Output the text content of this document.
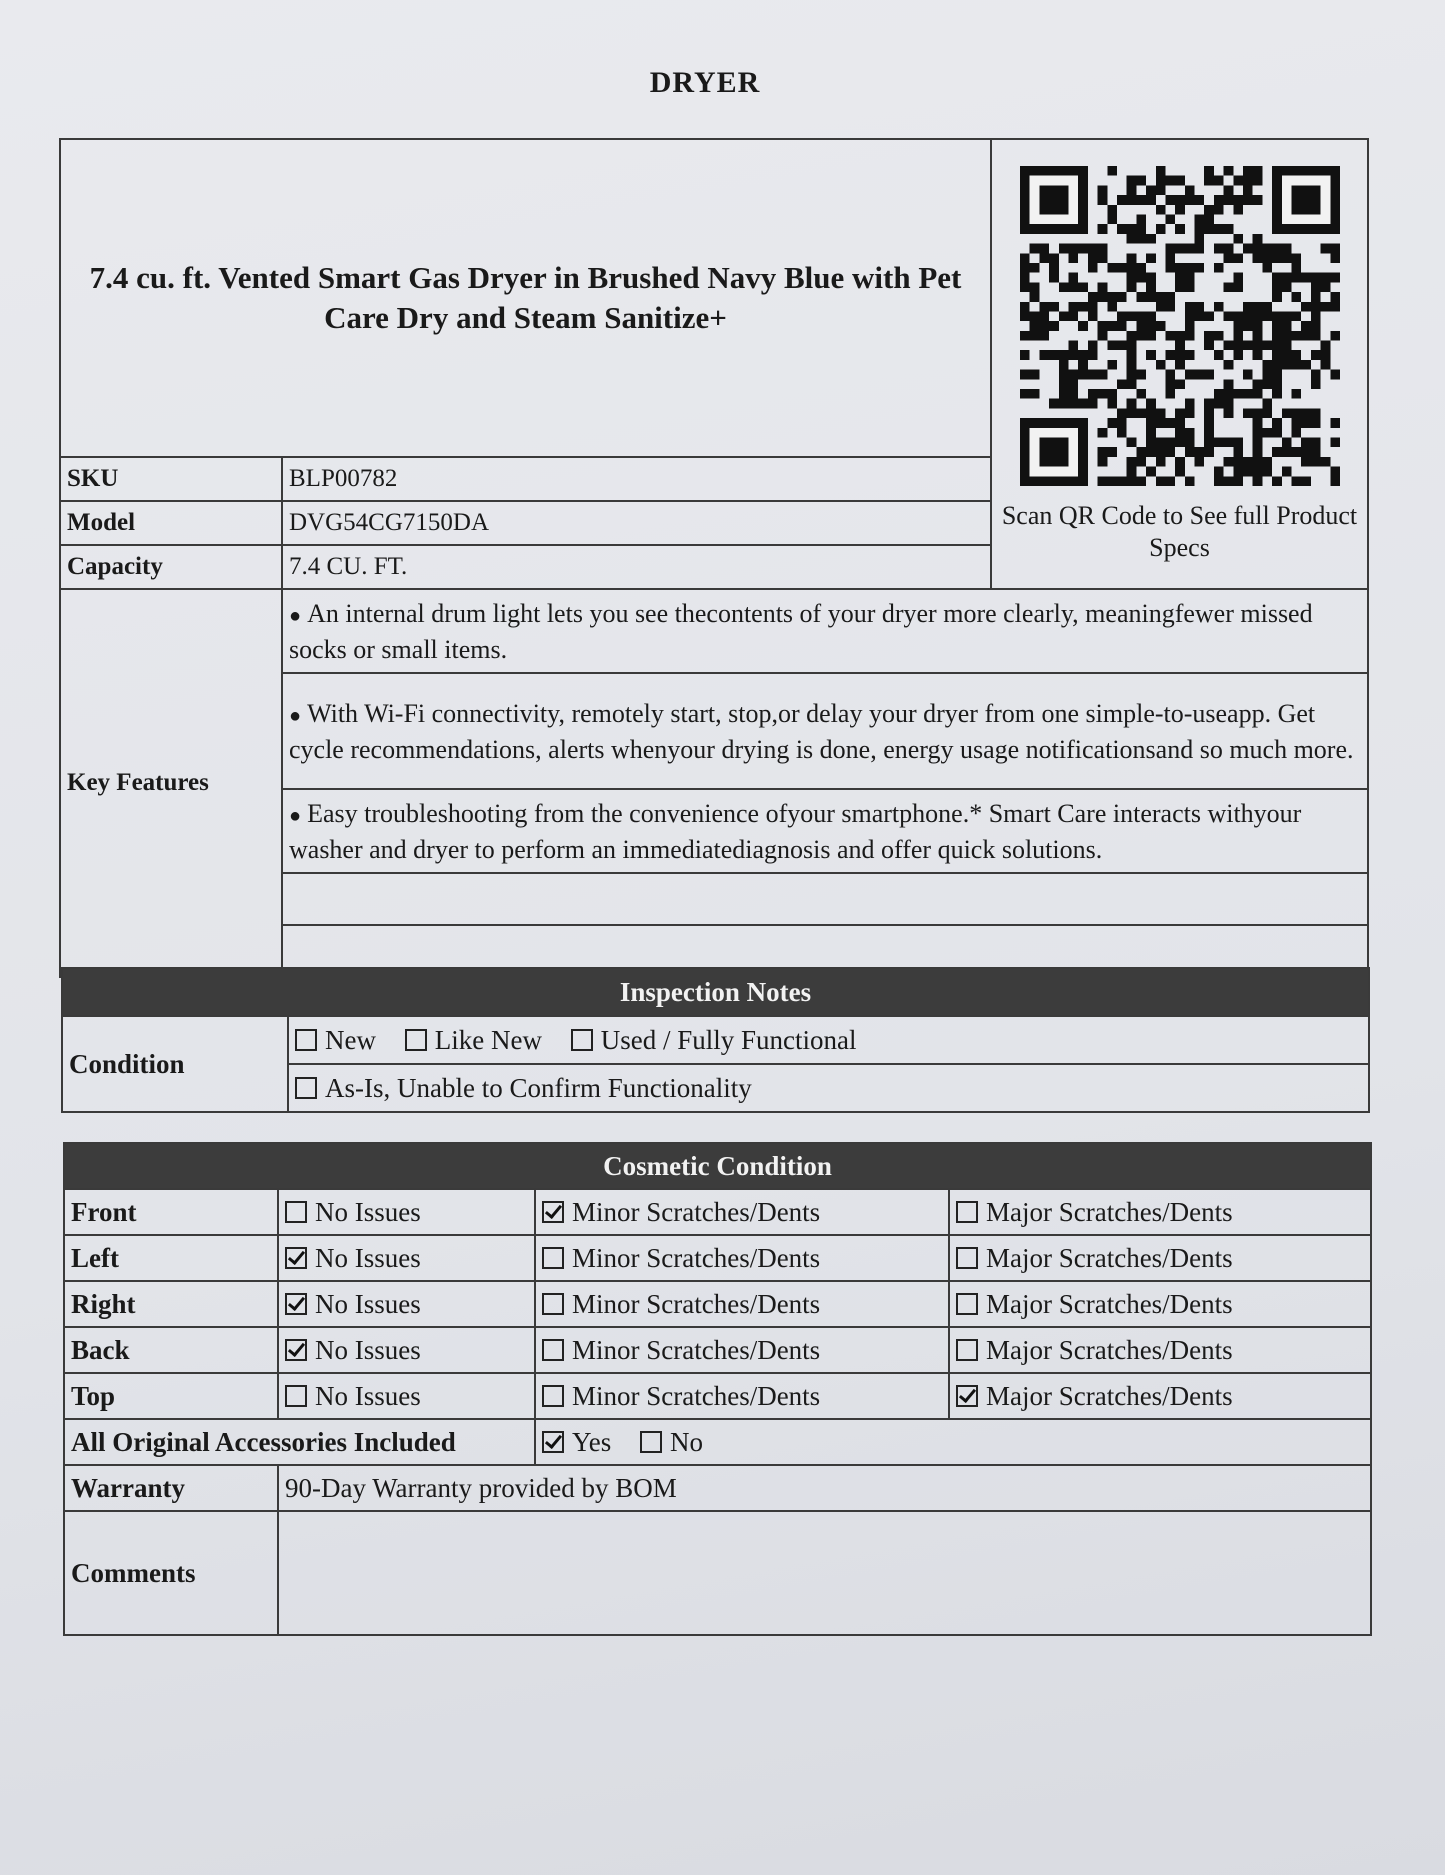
DRYER
7.4 cu. ft. Vented Smart Gas Dryer in Brushed Navy Blue with Pet Care Dry and Steam Sanitize+		Scan QR Code to See full Product Specs

SKU	BLP00782	
Model	DVG54CG7150DA	
Capacity	7.4 CU. FT.	
Key Features	● An internal drum light lets you see thecontents of your dryer more clearly, meaningfewer missed socks or small items.	
	● With Wi-Fi connectivity, remotely start, stop,or delay your dryer from one simple-to-useapp. Get cycle recommendations, alerts whenyour drying is done, energy usage notificationsand so much more.	
	● Easy troubleshooting from the convenience ofyour smartphone.* Smart Care interacts withyour washer and dryer to perform an immediatediagnosis and offer quick solutions.	

Inspection Notes
Condition	New Like New Used / Fully Functional
As-Is, Unable to Confirm Functionality
Cosmetic Condition			
Front	No Issues	Minor Scratches/Dents	Major Scratches/Dents
Left	No Issues	Minor Scratches/Dents	Major Scratches/Dents
Right	No Issues	Minor Scratches/Dents	Major Scratches/Dents
Back	No Issues	Minor Scratches/Dents	Major Scratches/Dents
Top	No Issues	Minor Scratches/Dents	Major Scratches/Dents
All Original Accessories Included		Yes No	
Warranty	90-Day Warranty provided by BOM		
Comments			
